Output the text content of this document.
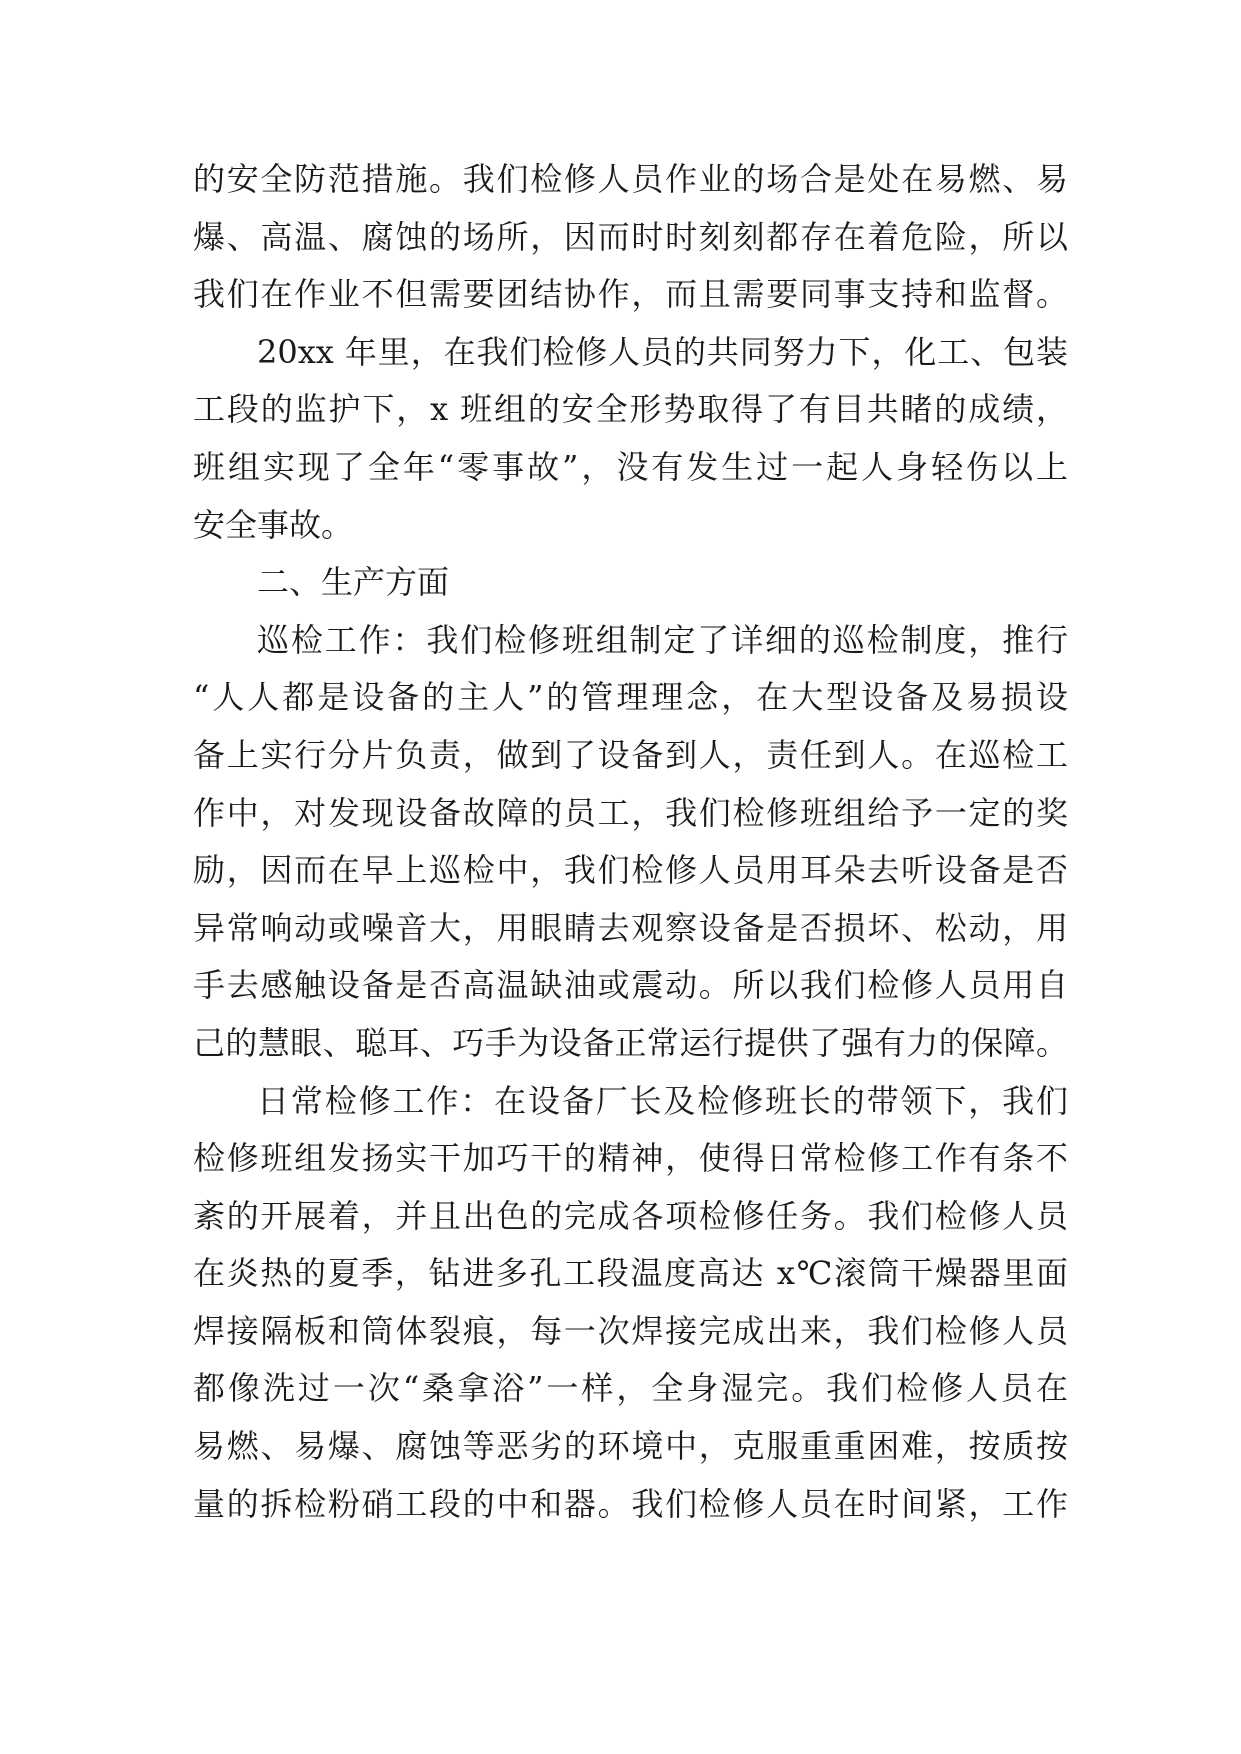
的安全防范措施。我们检修人员作业的场合是处在易燃、易
爆、高温、腐蚀的场所，因而时时刻刻都存在着危险，所以
我们在作业不但需要团结协作，而且需要同事支持和监督。
20xx 年里，在我们检修人员的共同努力下，化工、包装
工段的监护下，x 班组的安全形势取得了有目共睹的成绩，
班组实现了全年“零事故”，没有发生过一起人身轻伤以上
安全事故。
二、生产方面
巡检工作：我们检修班组制定了详细的巡检制度，推行
“人人都是设备的主人”的管理理念，在大型设备及易损设
备上实行分片负责，做到了设备到人，责任到人。在巡检工
作中，对发现设备故障的员工，我们检修班组给予一定的奖
励，因而在早上巡检中，我们检修人员用耳朵去听设备是否
异常响动或噪音大，用眼睛去观察设备是否损坏、松动，用
手去感触设备是否高温缺油或震动。所以我们检修人员用自
己的慧眼、聪耳、巧手为设备正常运行提供了强有力的保障。
日常检修工作：在设备厂长及检修班长的带领下，我们
检修班组发扬实干加巧干的精神，使得日常检修工作有条不
紊的开展着，并且出色的完成各项检修任务。我们检修人员
在炎热的夏季，钻进多孔工段温度高达 x℃滚筒干燥器里面
焊接隔板和筒体裂痕，每一次焊接完成出来，我们检修人员
都像洗过一次“桑拿浴”一样，全身湿完。我们检修人员在
易燃、易爆、腐蚀等恶劣的环境中，克服重重困难，按质按
量的拆检粉硝工段的中和器。我们检修人员在时间紧，工作
